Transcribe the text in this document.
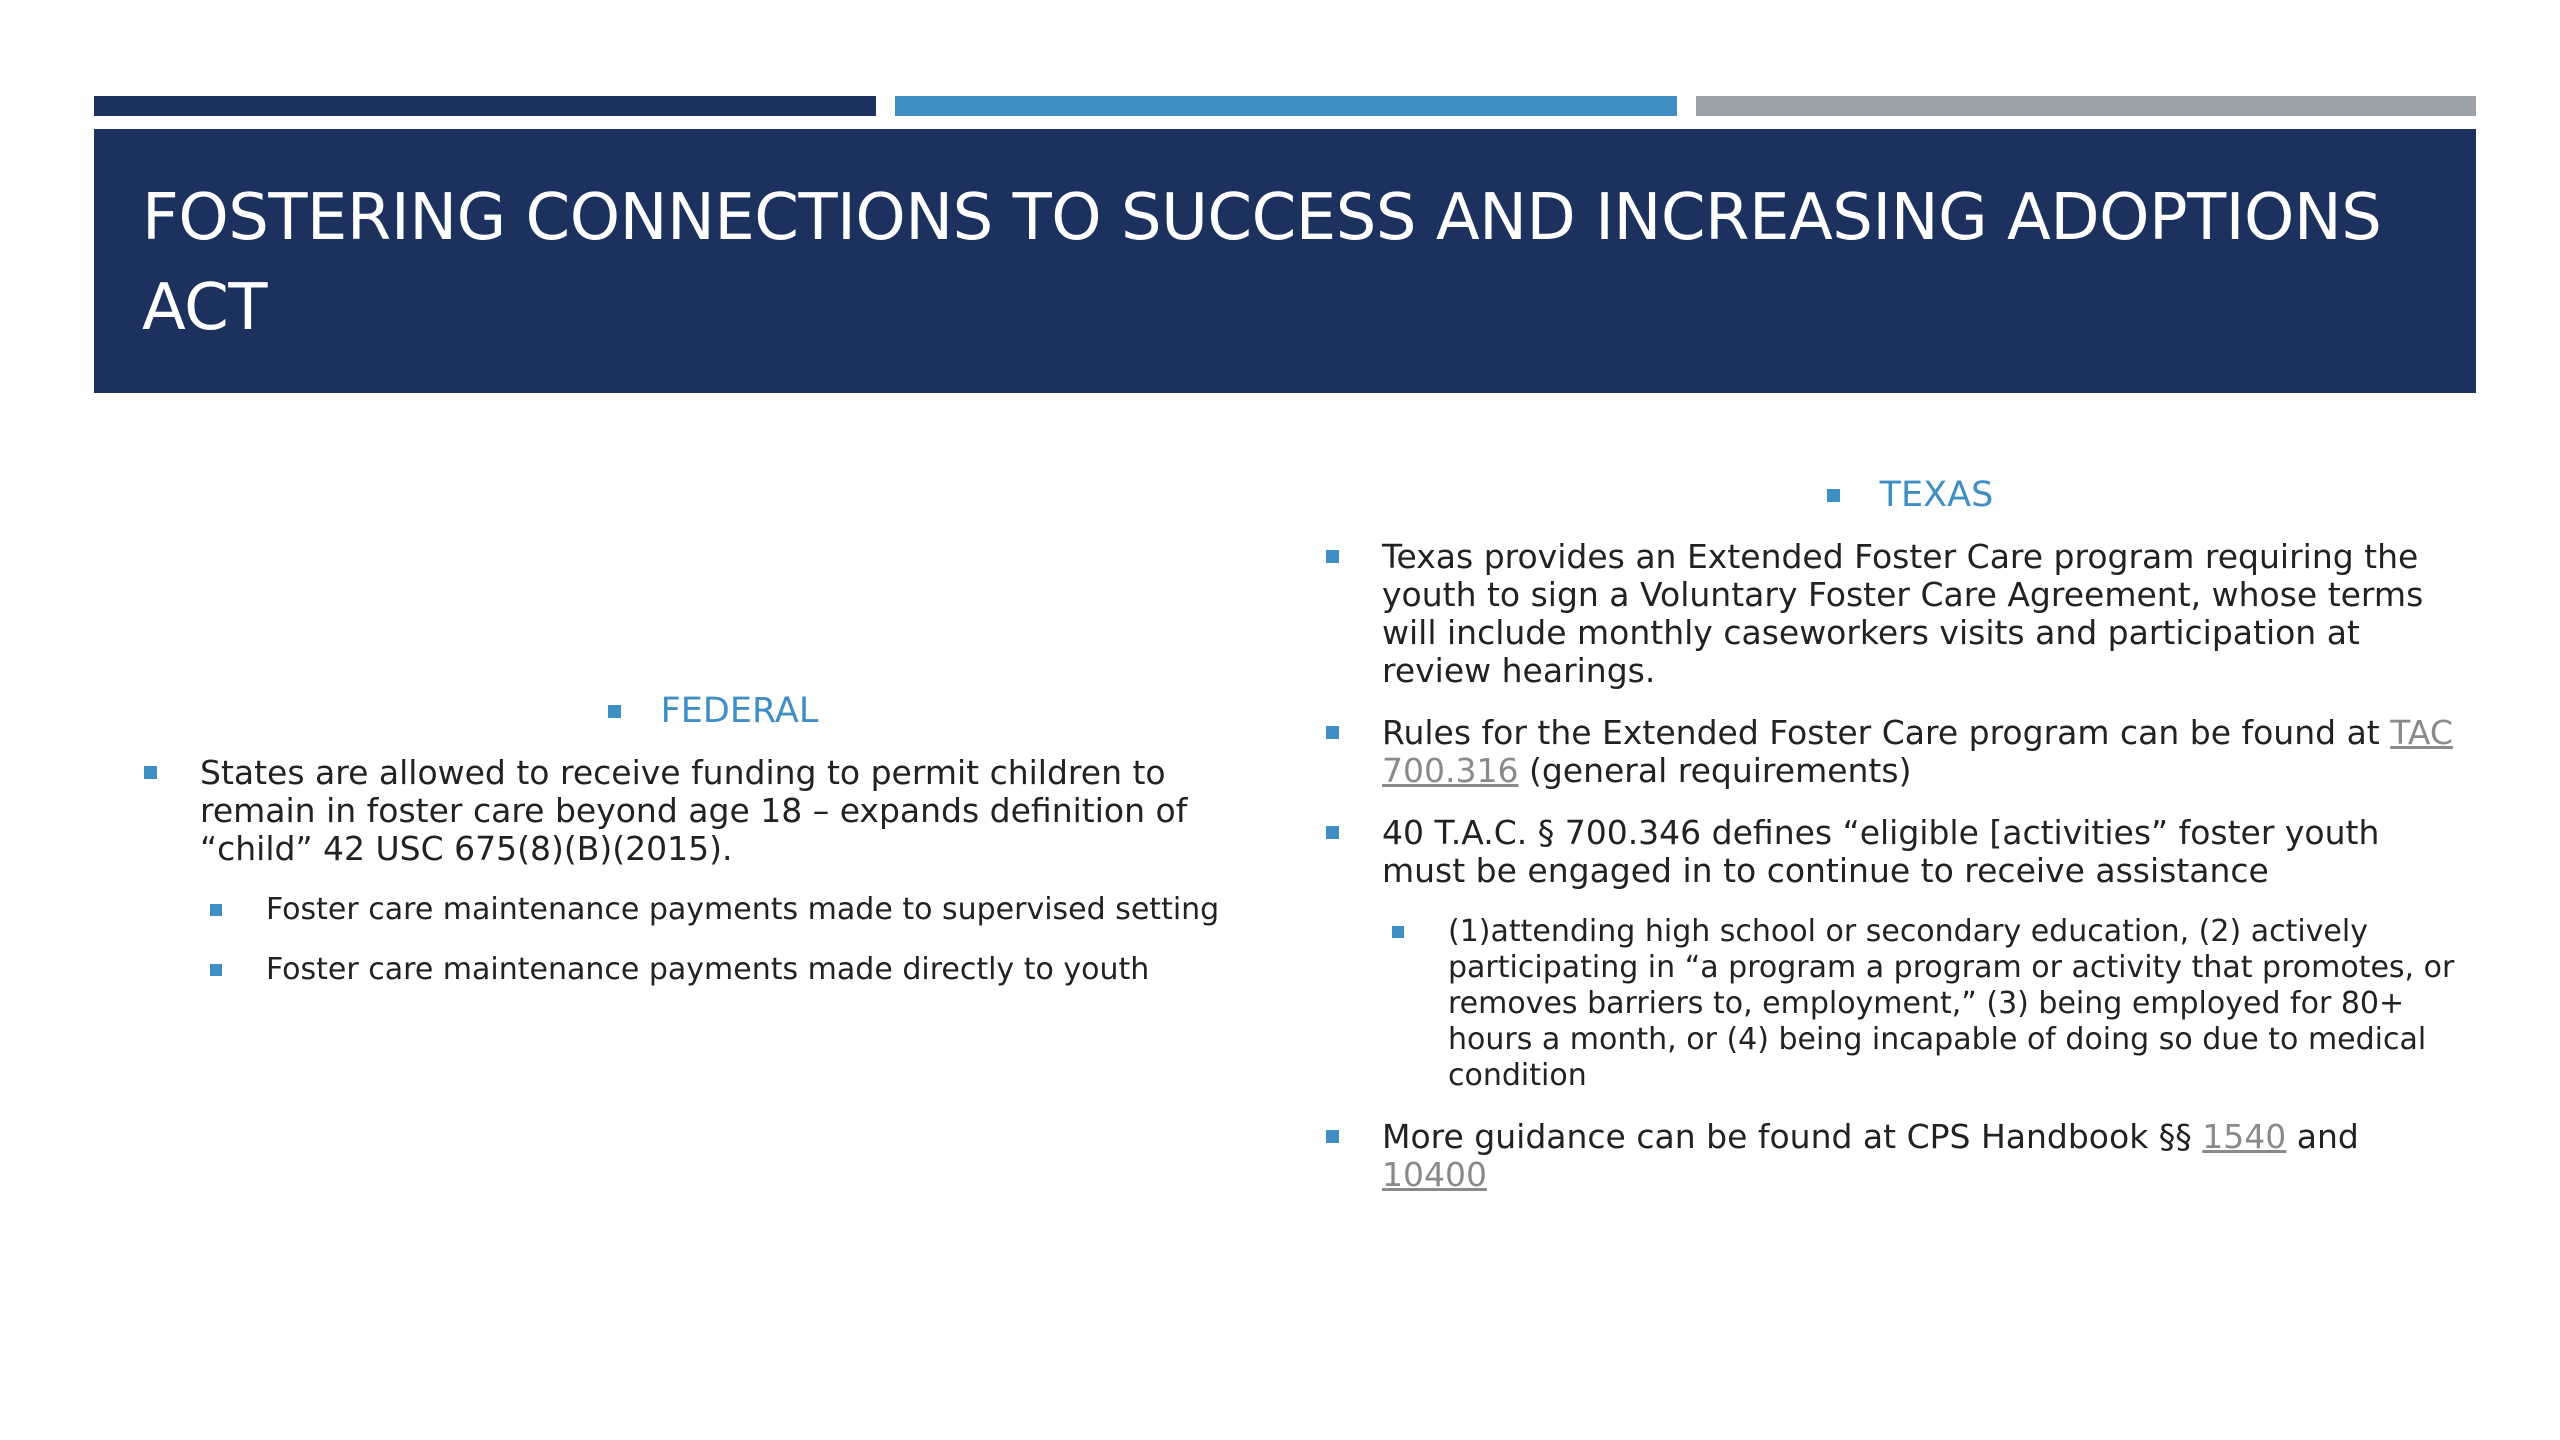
FOSTERING CONNECTIONS TO SUCCESS AND INCREASING ADOPTIONS ACT
FEDERAL
States are allowed to receive funding to permit children to remain in foster care beyond age 18 – expands definition of “child” 42 USC 675(8)(B)(2015).
Foster care maintenance payments made to supervised setting
Foster care maintenance payments made directly to youth
TEXAS
Texas provides an Extended Foster Care program requiring the youth to sign a Voluntary Foster Care Agreement, whose terms will include monthly caseworkers visits and participation at review hearings.
Rules for the Extended Foster Care program can be found at TAC 700.316 (general requirements)
40 T.A.C. § 700.346 defines “eligible [activities” foster youth must be engaged in to continue to receive assistance
(1)attending high school or secondary education, (2) actively participating in “a program a program or activity that promotes, or removes barriers to, employment,” (3) being employed for 80+ hours a month, or (4) being incapable of doing so due to medical condition
More guidance can be found at CPS Handbook §§ 1540 and 10400
